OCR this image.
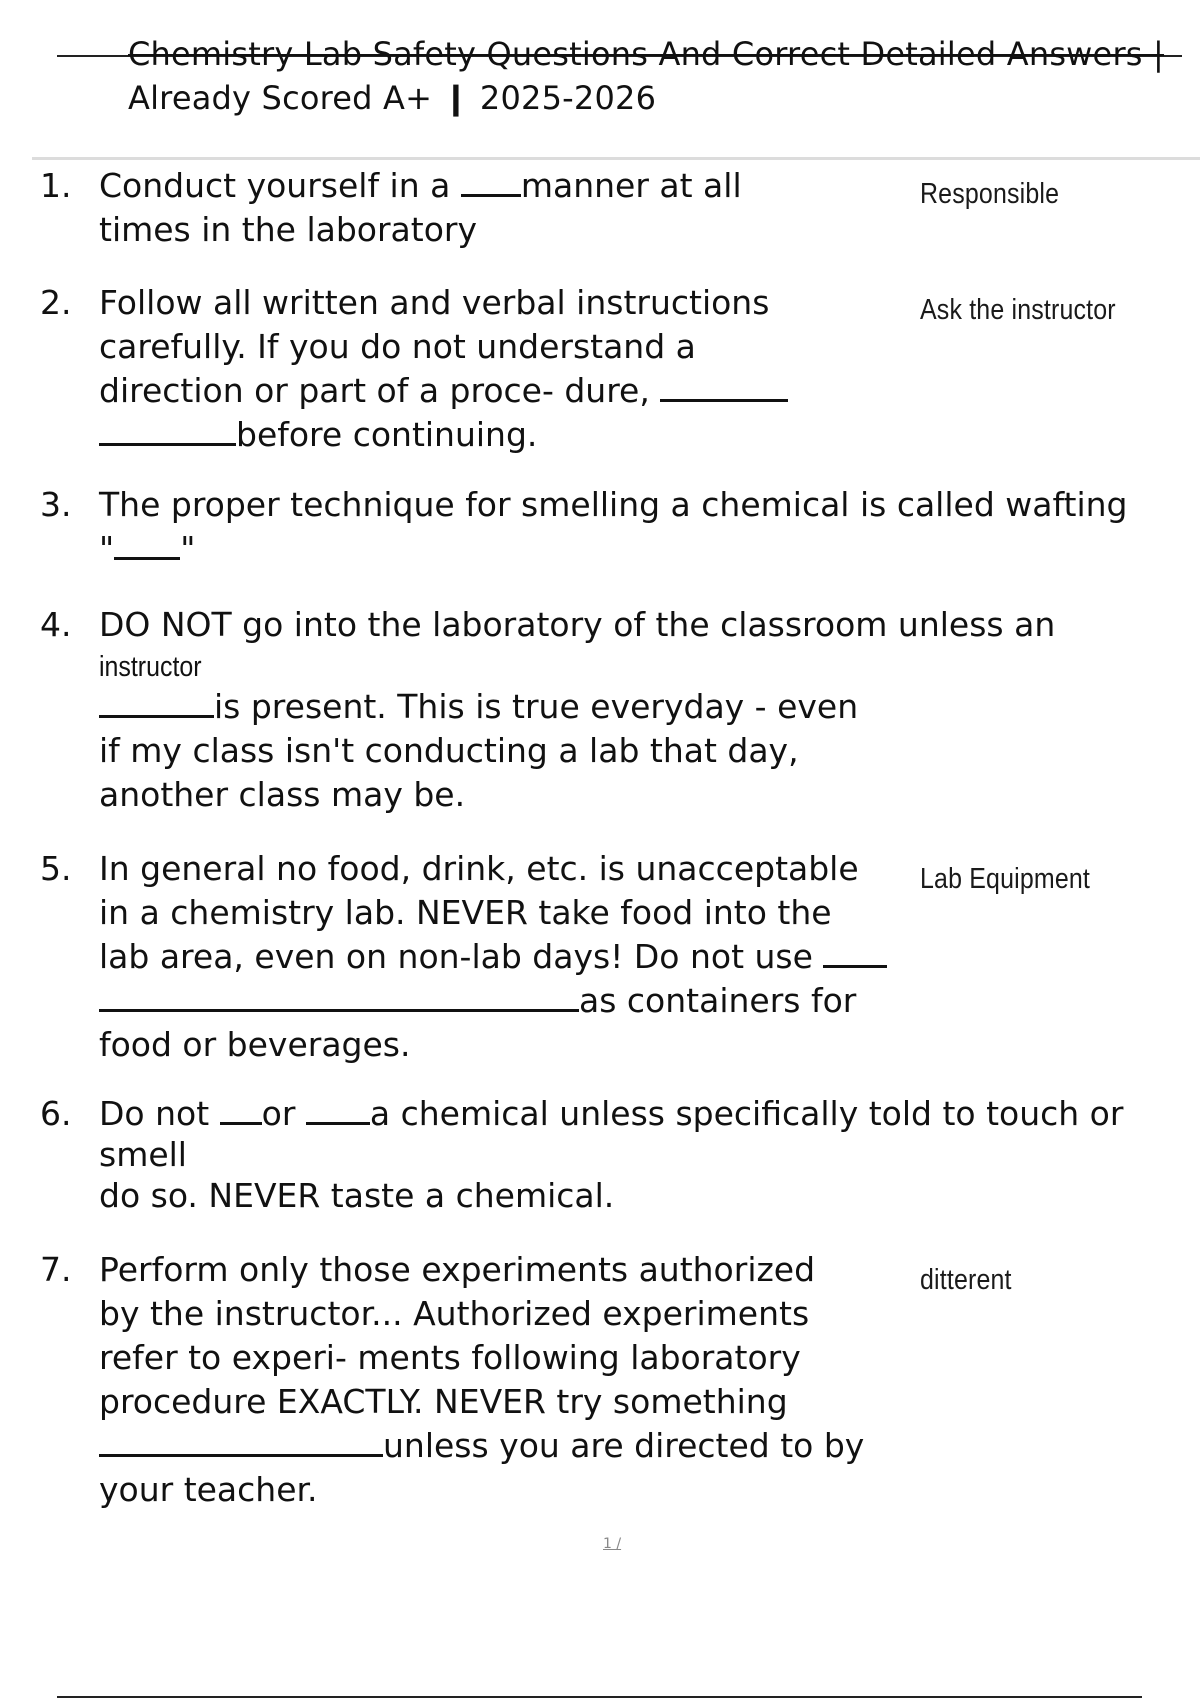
Chemistry Lab Safety Questions And Correct Detailed Answers |
Already Scored A+ ❙ 2025-2026
1. Conduct yourself in a manner at all
times in the laboratory
Responsible
2. Follow all written and verbal instructions
carefully. If you do not understand a
direction or part of a proce- dure,
before continuing.
Ask the instructor
3. The proper technique for smelling a chemical is called wafting
" "
4. DO NOT go into the laboratory of the classroom unless an
instructor
is present. This is true everyday - even
if my class isn't conducting a lab that day,
another class may be.
5. In general no food, drink, etc. is unacceptable
in a chemistry lab. NEVER take food into the
lab area, even on non-lab days! Do not use
as containers for
food or beverages.
Lab Equipment
6. Do not or a chemical unless specifically told to touch or
smell
do so. NEVER taste a chemical.
7. Perform only those experiments authorized
by the instructor... Authorized experiments
refer to experi- ments following laboratory
procedure EXACTLY. NEVER try something
unless you are directed to by
your teacher.
ditterent
1 /
